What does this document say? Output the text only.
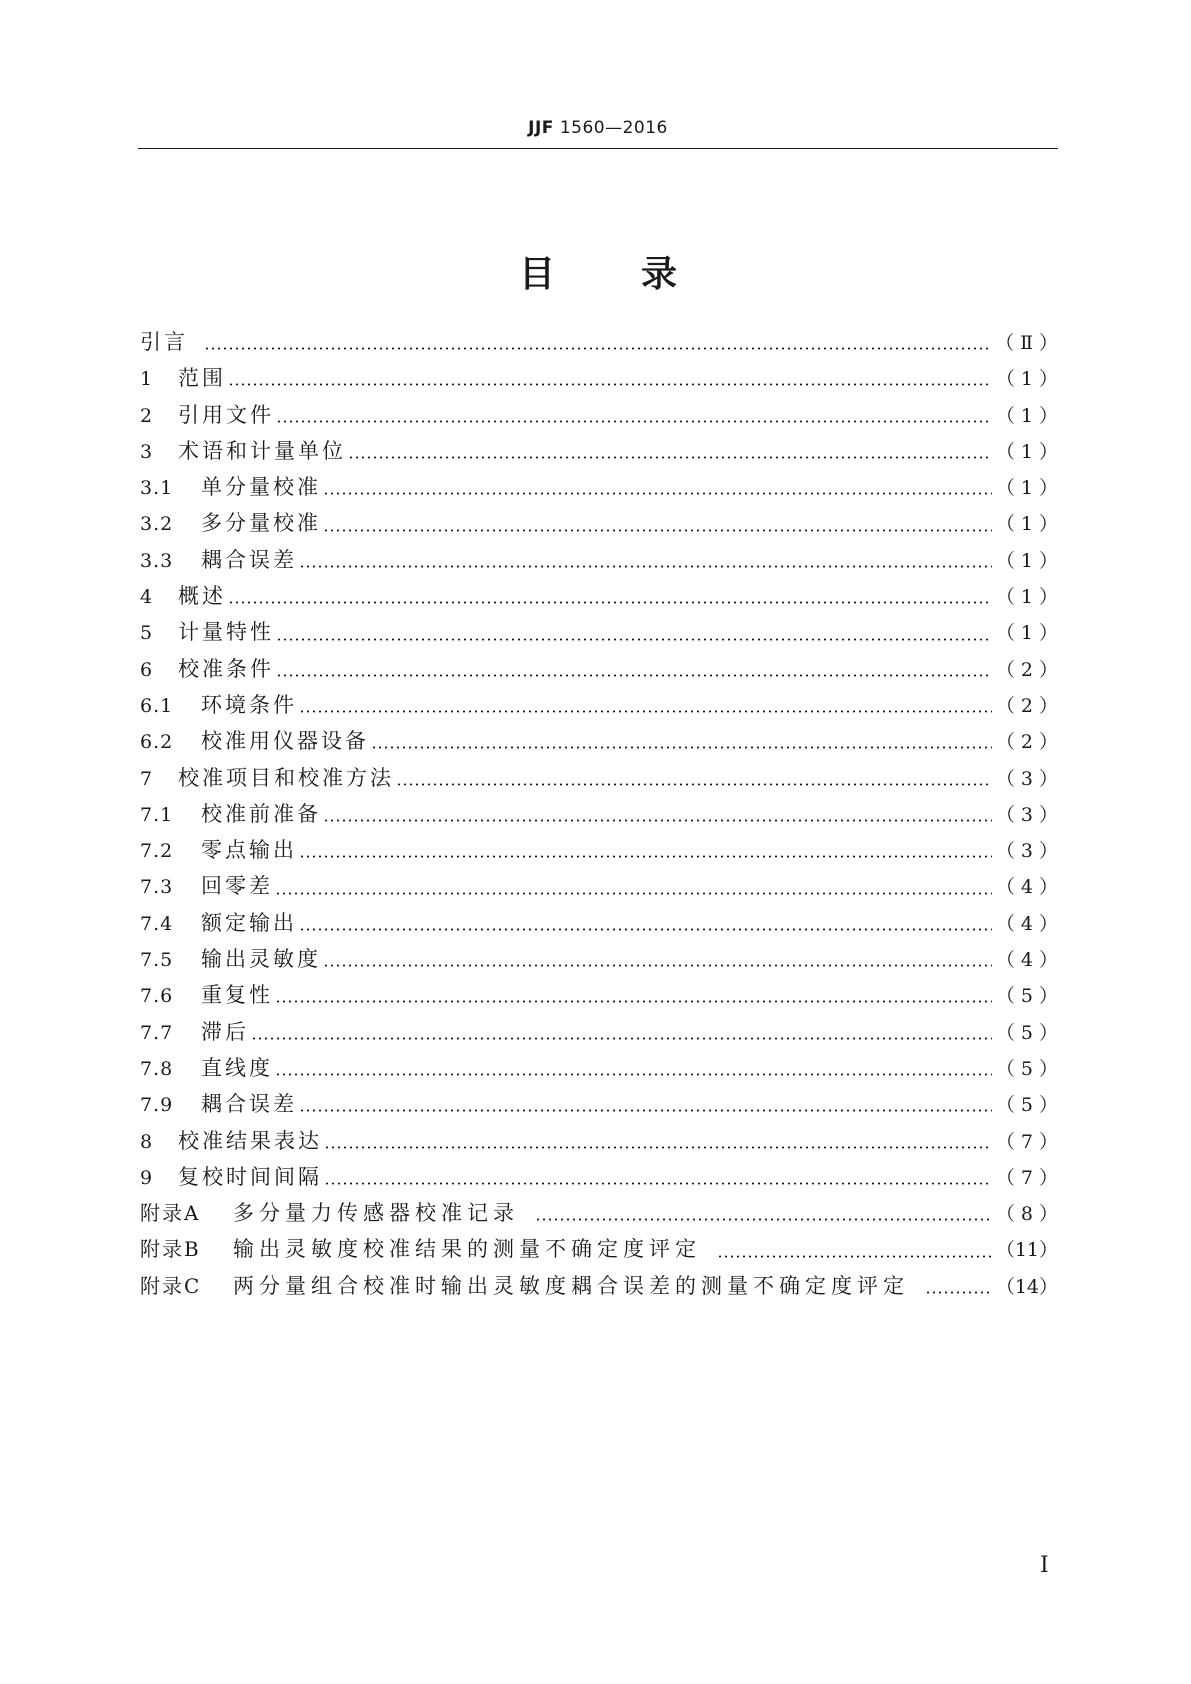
JJF 1560—2016
目 录
引言	（Ⅱ）
1	范围	（1）
2	引用文件	（1）
3	术语和计量单位	（1）
3.1	单分量校准	（1）
3.2	多分量校准	（1）
3.3	耦合误差	（1）
4	概述	（1）
5	计量特性	（1）
6	校准条件	（2）
6.1	环境条件	（2）
6.2	校准用仪器设备	（2）
7	校准项目和校准方法	（3）
7.1	校准前准备	（3）
7.2	零点输出	（3）
7.3	回零差	（4）
7.4	额定输出	（4）
7.5	输出灵敏度	（4）
7.6	重复性	（5）
7.7	滞后	（5）
7.8	直线度	（5）
7.9	耦合误差	（5）
8	校准结果表达	（7）
9	复校时间间隔	（7）
附录A	多分量力传感器校准记录	（8）
附录B	输出灵敏度校准结果的测量不确定度评定	（11）
附录C	两分量组合校准时输出灵敏度耦合误差的测量不确定度评定	（14）
Ⅰ
